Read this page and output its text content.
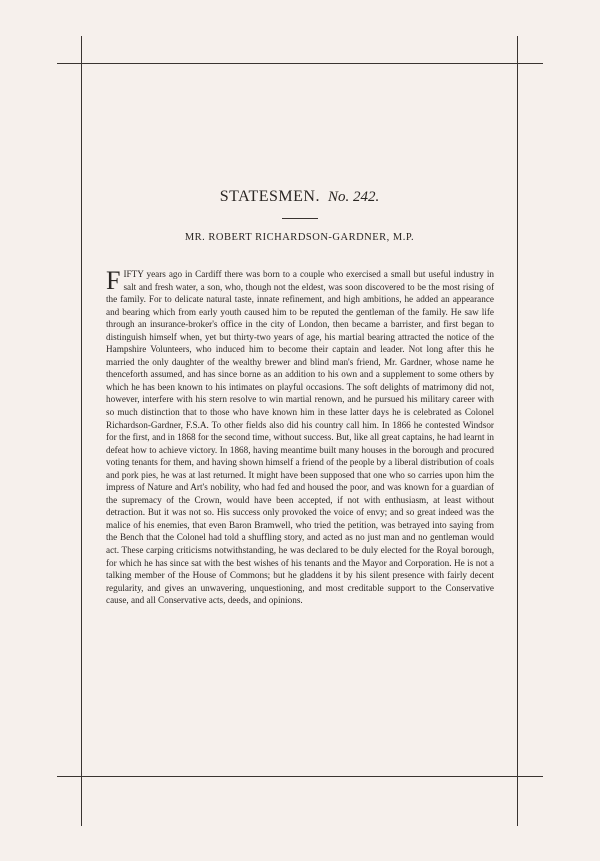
STATESMEN. No. 242.
MR. ROBERT RICHARDSON-GARDNER, M.P.
FIFTY years ago in Cardiff there was born to a couple who exercised a small but useful industry in salt and fresh water, a son, who, though not the eldest, was soon discovered to be the most rising of the family. For to delicate natural taste, innate refinement, and high ambitions, he added an appearance and bearing which from early youth caused him to be reputed the gentleman of the family. He saw life through an insurance-broker's office in the city of London, then became a barrister, and first began to distinguish himself when, yet but thirty-two years of age, his martial bearing attracted the notice of the Hampshire Volunteers, who induced him to become their captain and leader. Not long after this he married the only daughter of the wealthy brewer and blind man's friend, Mr. Gardner, whose name he thenceforth assumed, and has since borne as an addition to his own and a supplement to some others by which he has been known to his intimates on playful occasions. The soft delights of matrimony did not, however, interfere with his stern resolve to win martial renown, and he pursued his military career with so much distinction that to those who have known him in these latter days he is celebrated as Colonel Richardson-Gardner, F.S.A. To other fields also did his country call him. In 1866 he contested Windsor for the first, and in 1868 for the second time, without success. But, like all great captains, he had learnt in defeat how to achieve victory. In 1868, having meantime built many houses in the borough and procured voting tenants for them, and having shown himself a friend of the people by a liberal distribution of coals and pork pies, he was at last returned. It might have been supposed that one who so carries upon him the impress of Nature and Art's nobility, who had fed and housed the poor, and was known for a guardian of the supremacy of the Crown, would have been accepted, if not with enthusiasm, at least without detraction. But it was not so. His success only provoked the voice of envy; and so great indeed was the malice of his enemies, that even Baron Bramwell, who tried the petition, was betrayed into saying from the Bench that the Colonel had told a shuffling story, and acted as no just man and no gentleman would act. These carping criticisms notwithstanding, he was declared to be duly elected for the Royal borough, for which he has since sat with the best wishes of his tenants and the Mayor and Corporation. He is not a talking member of the House of Commons; but he gladdens it by his silent presence with fairly decent regularity, and gives an unwavering, unquestioning, and most creditable support to the Conservative cause, and all Conservative acts, deeds, and opinions.
